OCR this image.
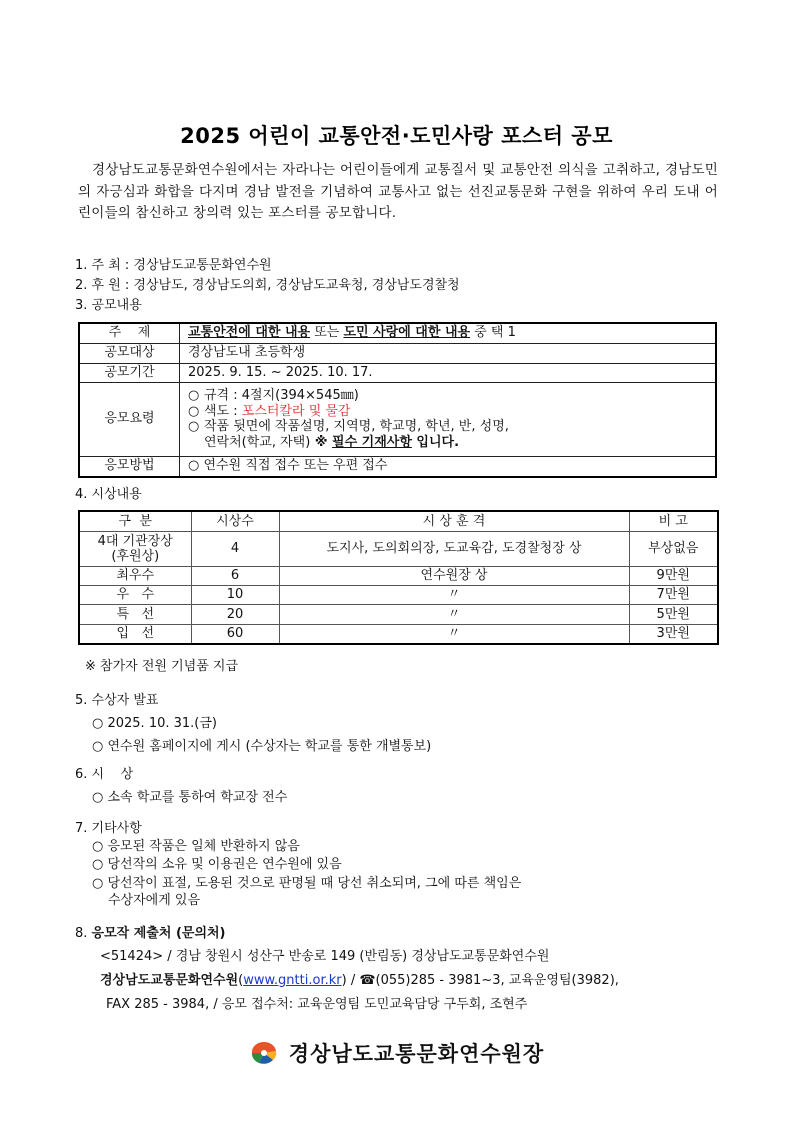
2025 어린이 교통안전·도민사랑 포스터 공모
경상남도교통문화연수원에서는 자라나는 어린이들에게 교통질서 및 교통안전 의식을 고취하고, 경남도민의 자긍심과 화합을 다지며 경남 발전을 기념하여 교통사고 없는 선진교통문화 구현을 위하여 우리 도내 어린이들의 참신하고 창의력 있는 포스터를 공모합니다.
1. 주 최 : 경상남도교통문화연수원
2. 후 원 : 경상남도, 경상남도의회, 경상남도교육청, 경상남도경찰청
3. 공모내용
주    제	교통안전에 대한 내용 또는 도민 사랑에 대한 내용 중 택 1
공모대상	경상남도내 초등학생
공모기간	2025. 9. 15. ~ 2025. 10. 17.
응모요령	○ 규격 : 4절지(394×545㎜)
○ 색도 : 포스터칼라 및 물감
○ 작품 뒷면에 작품설명, 지역명, 학교명, 학년, 반, 성명,
연락처(학교, 자택) ※ 필수 기재사항 입니다.

응모방법	○ 연수원 직접 접수 또는 우편 접수
4. 시상내용
구  분	시상수	시 상 훈 격	비 고

4대 기관장상
(후원상)	4	도지사, 도의회의장, 도교육감, 도경찰청장 상	부상없음
최우수	6	연수원장 상	9만원
우   수	10	〃	7만원
특   선	20	〃	5만원
입   선	60	〃	3만원
※ 참가자 전원 기념품 지급
5. 수상자 발표
○ 2025. 10. 31.(금)
○ 연수원 홈페이지에 게시 (수상자는 학교를 통한 개별통보)
6. 시    상
○ 소속 학교를 통하여 학교장 전수
7. 기타사항
○ 응모된 작품은 일체 반환하지 않음
○ 당선작의 소유 및 이용권은 연수원에 있음
○ 당선작이 표절, 도용된 것으로 판명될 때 당선 취소되며, 그에 따른 책임은
수상자에게 있음
8. 응모작 제출처 (문의처)
<51424> / 경남 창원시 성산구 반송로 149 (반림동) 경상남도교통문화연수원
경상남도교통문화연수원(www.gntti.or.kr) / ☎(055)285 - 3981~3, 교육운영팀(3982),
FAX 285 - 3984, / 응모 접수처: 교육운영팀 도민교육담당 구두회, 조현주
경상남도교통문화연수원장
